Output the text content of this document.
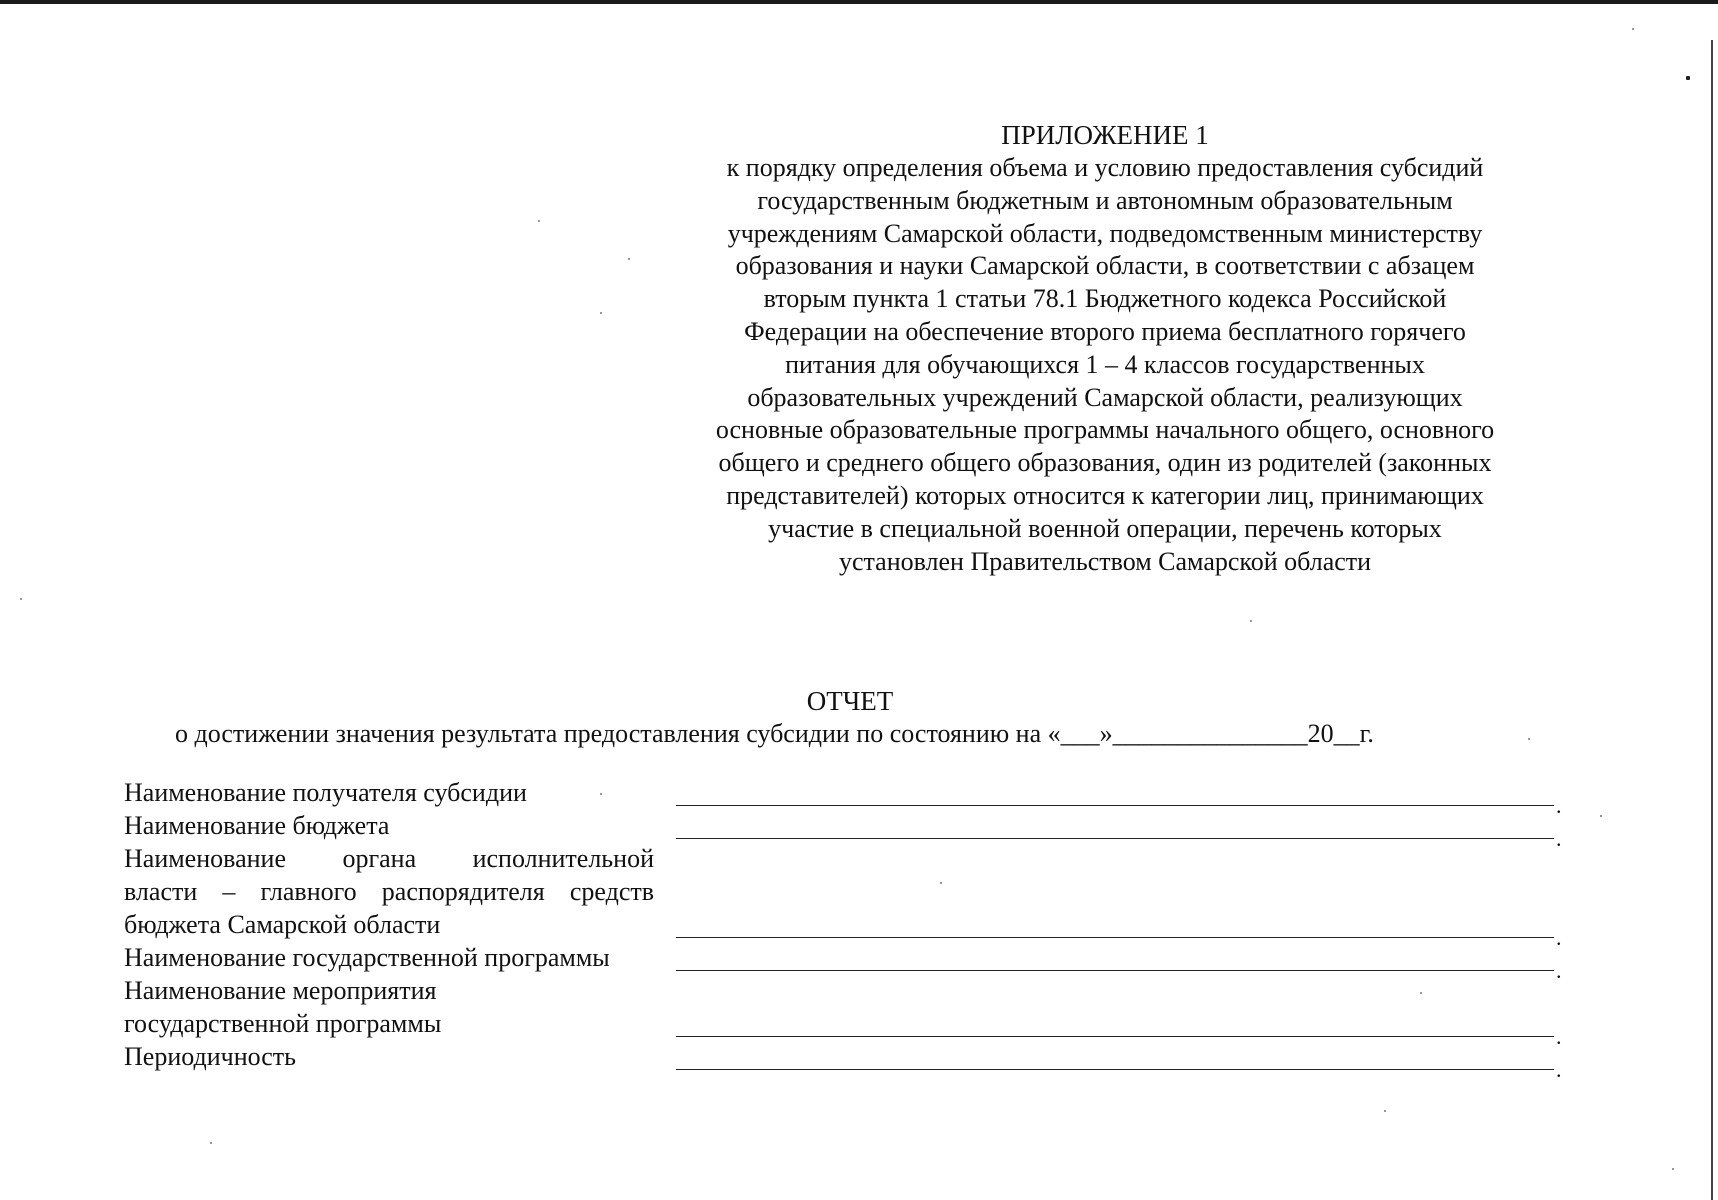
ПРИЛОЖЕНИЕ 1
к порядку определения объема и условию предоставления субсидий
государственным бюджетным и автономным образовательным
учреждениям Самарской области, подведомственным министерству
образования и науки Самарской области, в соответствии с абзацем
вторым пункта 1 статьи 78.1 Бюджетного кодекса Российской
Федерации на обеспечение второго приема бесплатного горячего
питания для обучающихся 1 – 4 классов государственных
образовательных учреждений Самарской области, реализующих
основные образовательные программы начального общего, основного
общего и среднего общего образования, один из родителей (законных
представителей) которых относится к категории лиц, принимающих
участие в специальной военной операции, перечень которых
установлен Правительством Самарской области
ОТЧЕТ
о достижении значения результата предоставления субсидии по состоянию на «___»_______________20__г.
Наименование получателя субсидии	.
Наименование бюджета	.
Наименование органа исполнительной
власти – главного распорядителя средств
бюджета Самарской области	.
Наименование государственной программы	.
Наименование мероприятия
государственной программы	.
Периодичность	.
